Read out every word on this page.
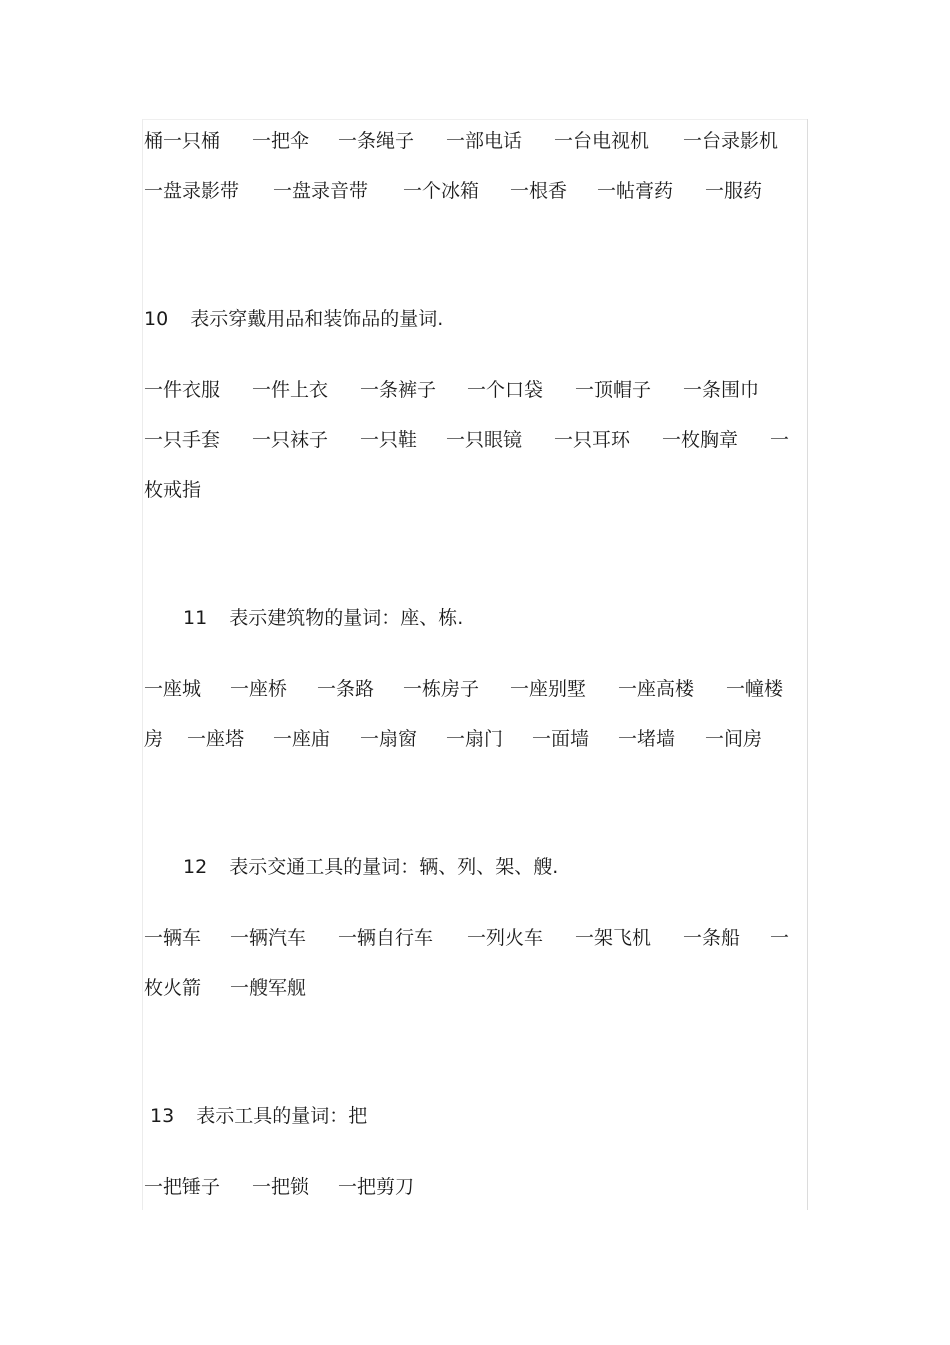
桶一只桶 一把伞 一条绳子 一部电话 一台电视机 一台录影机
一盘录影带 一盘录音带 一个冰箱 一根香 一帖膏药 一服药
10 表示穿戴用品和装饰品的量词.
一件衣服 一件上衣 一条裤子 一个口袋 一顶帽子 一条围巾
一只手套 一只袜子 一只鞋 一只眼镜 一只耳环 一枚胸章 一
枚戒指
11 表示建筑物的量词：座、栋.
一座城 一座桥 一条路 一栋房子 一座别墅 一座高楼 一幢楼
房 一座塔 一座庙 一扇窗 一扇门 一面墙 一堵墙 一间房
12 表示交通工具的量词：辆、列、架、艘.
一辆车 一辆汽车 一辆自行车 一列火车 一架飞机 一条船 一
枚火箭 一艘军舰
13 表示工具的量词：把
一把锤子 一把锁 一把剪刀
